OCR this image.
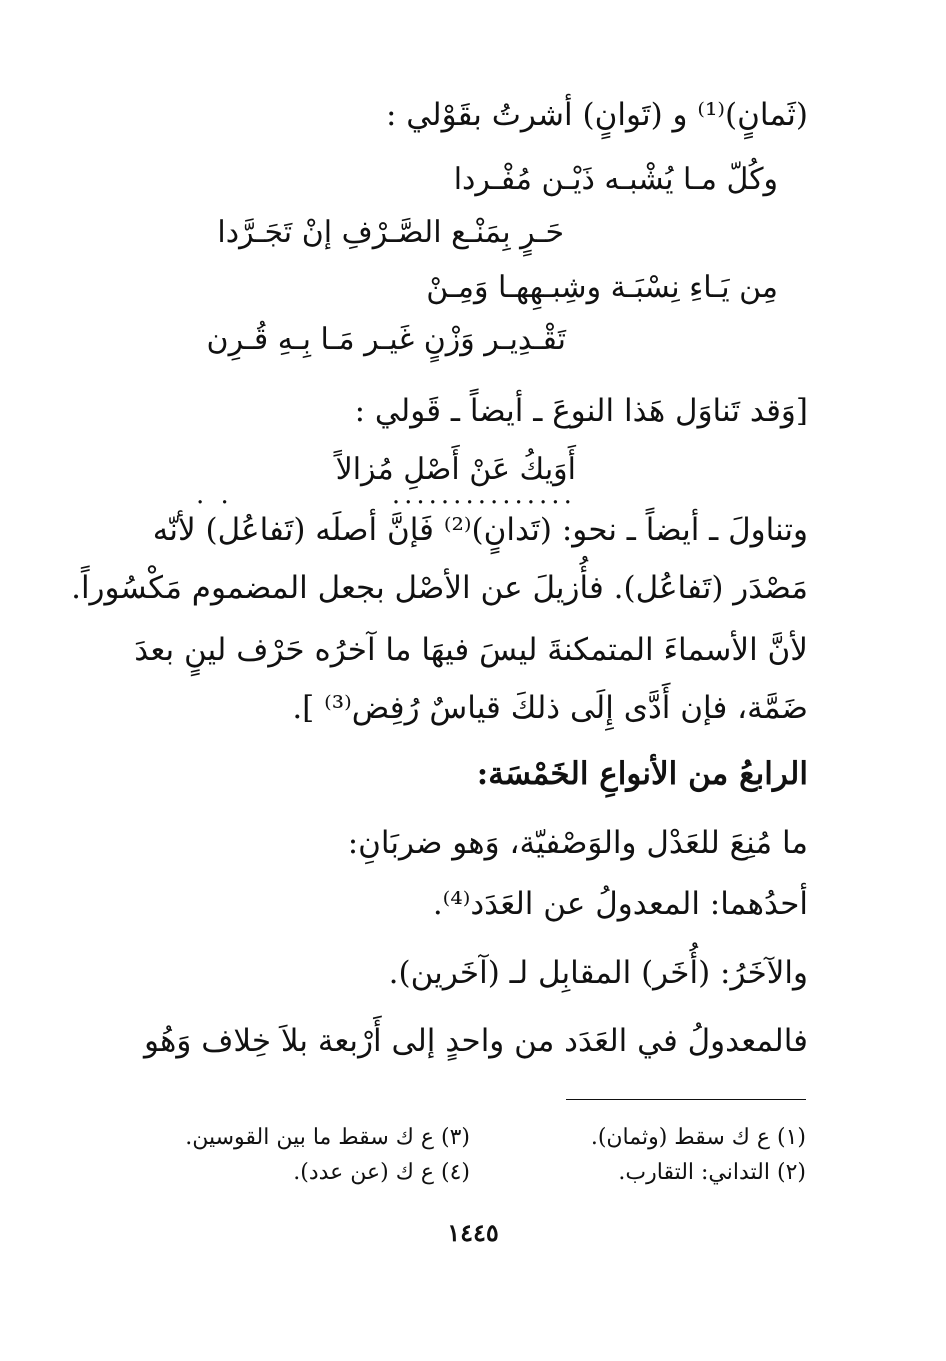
(ثَمانٍ)⁽¹⁾ و (تَوانٍ) أشرتُ بقَوْلي :
وكُلّ مـا يُشْبـه ذَيْـن مُفْـردا
حَـرٍ بِمَنْـع الصَّـرْفِ إنْ تَجَـرَّدا
مِن يَـاءِ نِسْبَـة وشِبـهِهـا وَمِـنْ
تَقْـدِيـر وَزْنٍ غَيـر مَـا بِـهِ قُـرِن
[وَقد تَناوَل هَذا النوعَ ـ أيضاً ـ قَولي :
أَوَيكُ عَنْ أَصْلِ مُزالاً
. .	...............
وتناولَ ـ أيضاً ـ نحو: (تَدانٍ)⁽²⁾ فَإنَّ أصلَه (تَفاعُل) لأنّه
مَصْدَر (تَفاعُل). فأُزيلَ عن الأصْل بجعل المضموم مَكْسُوراً.
لأنَّ الأسماءَ المتمكنةَ ليسَ فيهَا ما آخرُه حَرْف لينٍ بعدَ
ضَمَّة، فإن أَدَّى إِلَى ذلكَ قياسٌ رُفِض⁽³⁾ ].
الرابعُ من الأنواعِ الخَمْسَة:
ما مُنِعَ للعَدْل والوَصْفيّة، وَهو ضربَانِ:
أحدُهما: المعدولُ عن العَدَد⁽⁴⁾.
والآخَرُ: (أُخَر) المقابِل لـ (آخَرين).
فالمعدولُ في العَدَد من واحدٍ إلى أَرْبعة بلاَ خِلاف وَهُو
(١) ع ك سقط (وثمان).
(٢) التداني: التقارب.
(٣) ع ك سقط ما بين القوسين.
(٤) ع ك (عن عدد).
١٤٤٥
